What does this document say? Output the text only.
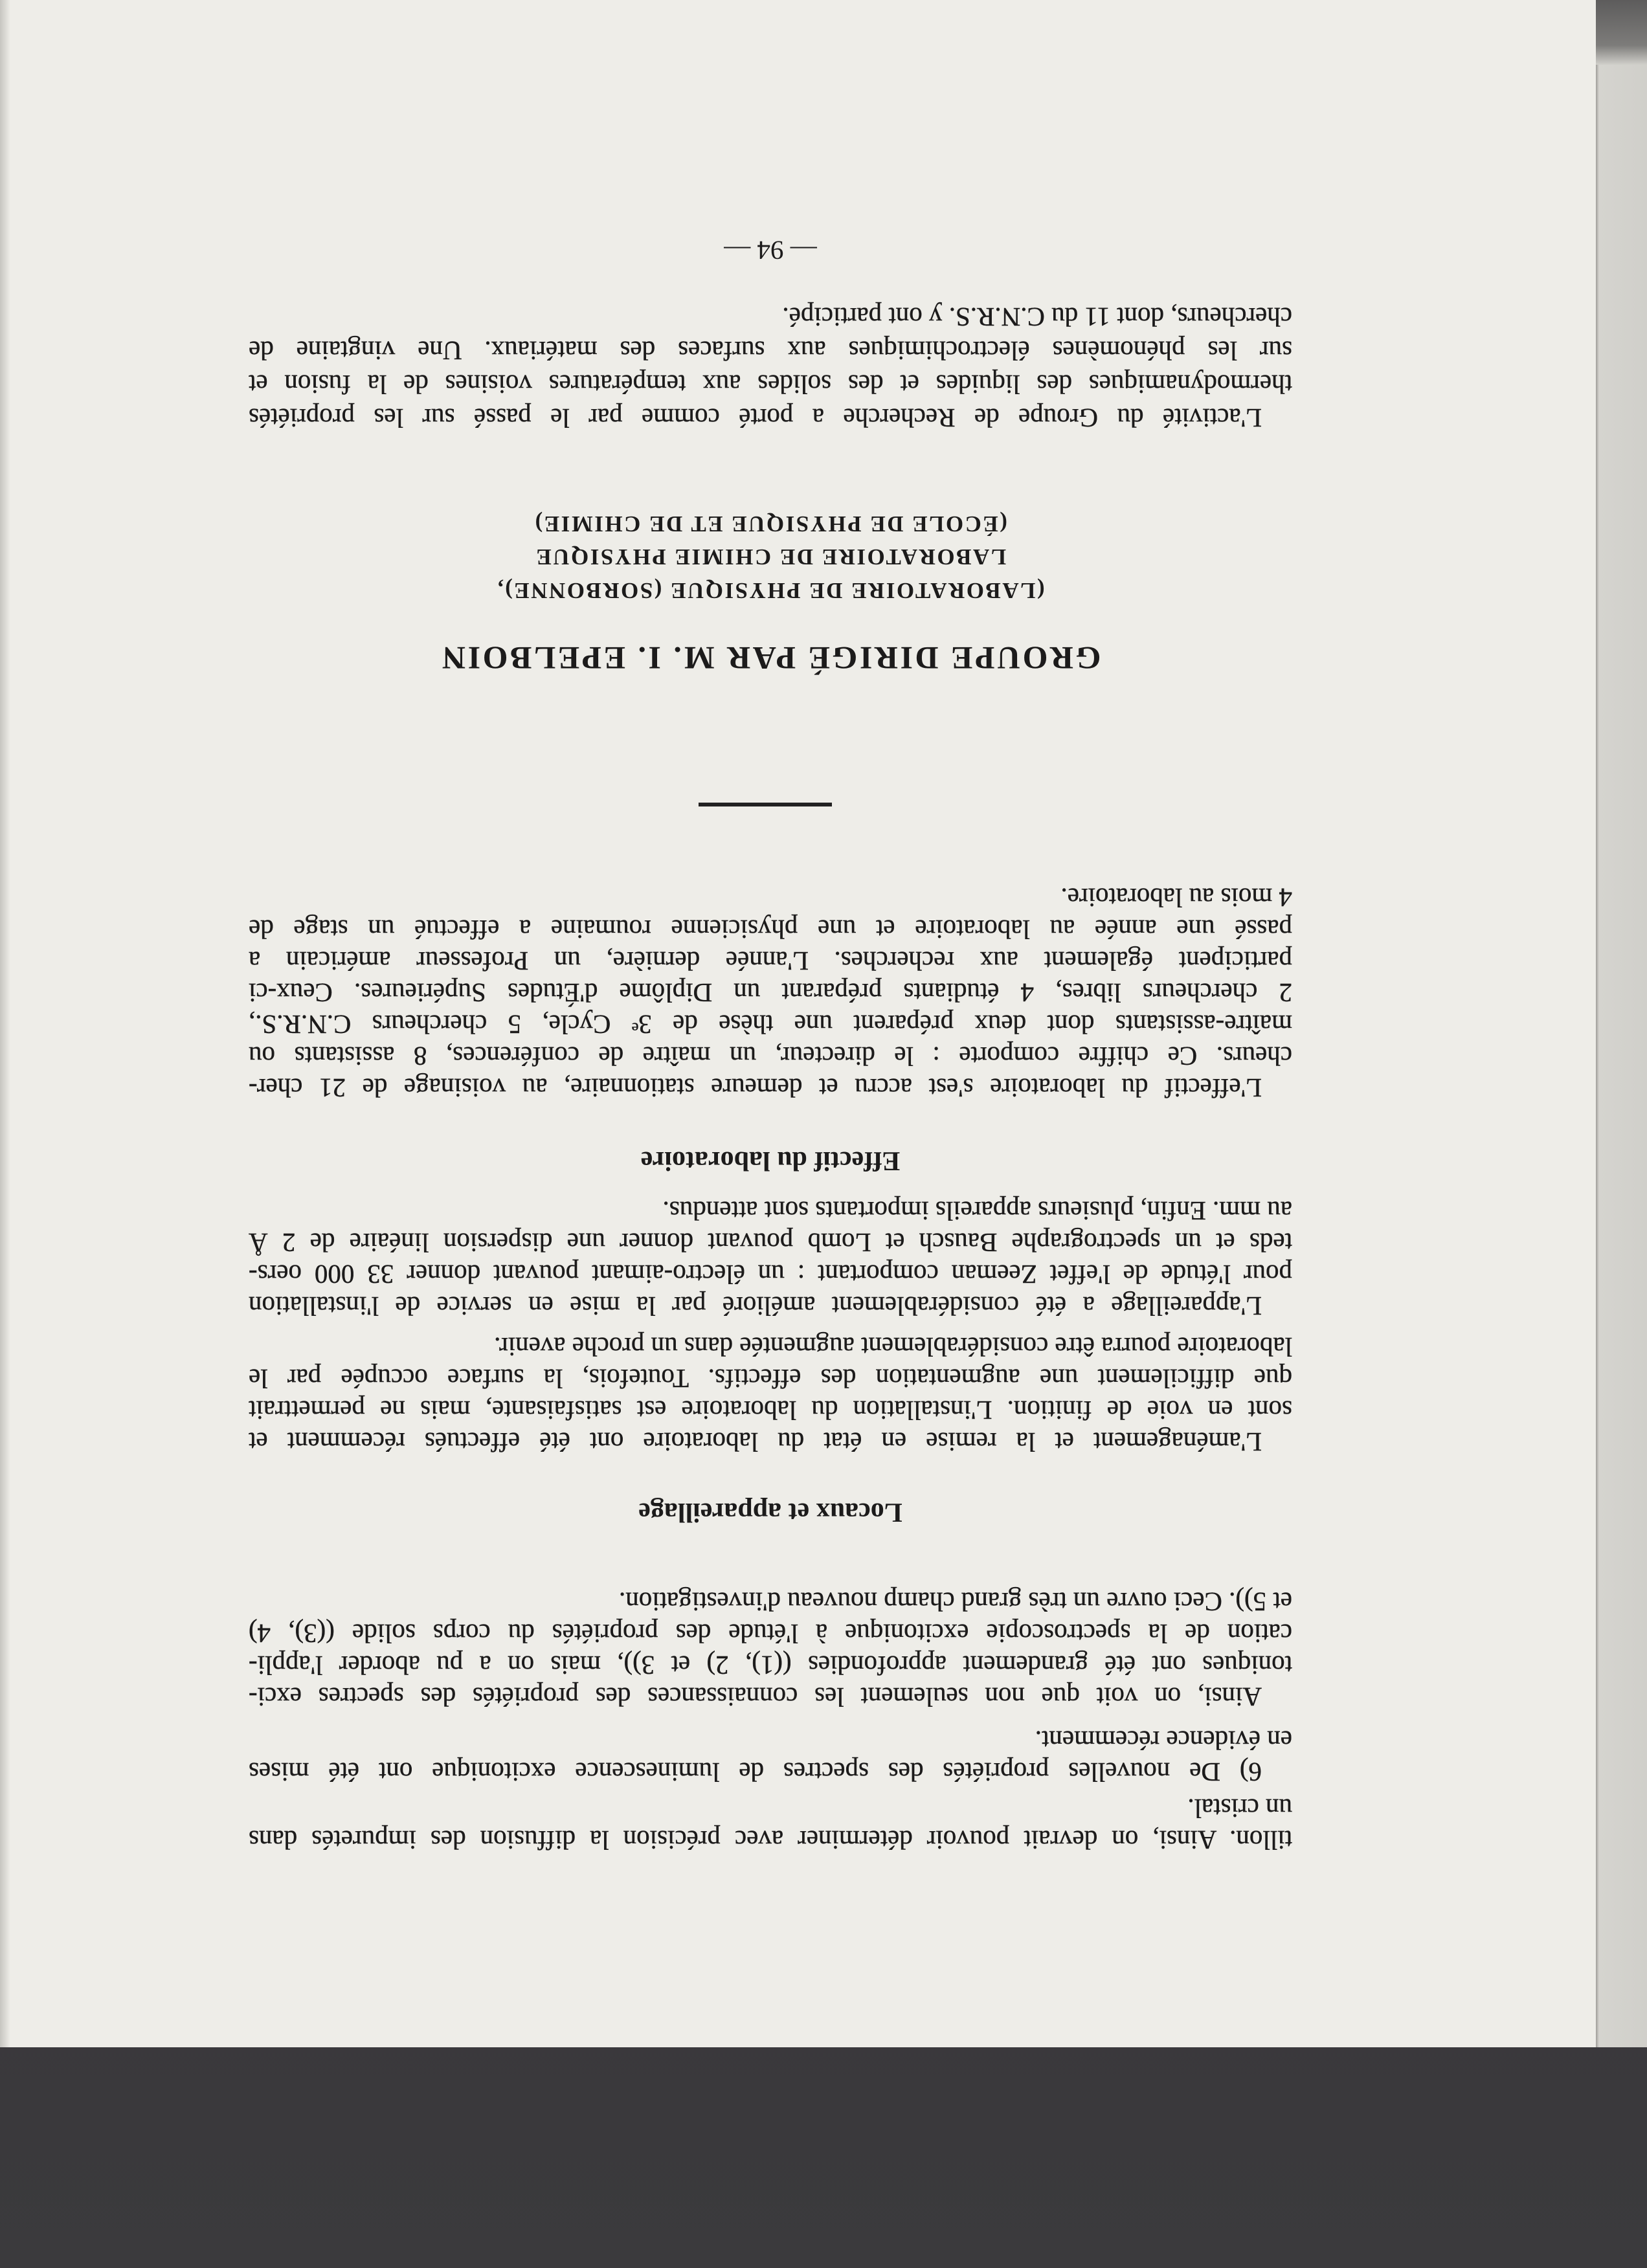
tillon. Ainsi, on devrait pouvoir déterminer avec précision la diffusion des impuretés dans
un cristal.
6) De nouvelles propriétés des spectres de luminescence excitonique ont été mises
en évidence récemment.
Ainsi, on voit que non seulement les connaissances des propriétés des spectres exci-
toniques ont été grandement approfondies ((1), 2) et 3)), mais on a pu aborder l'appli-
cation de la spectroscopie excitonique à l'étude des propriétés du corps solide ((3), 4)
et 5)). Ceci ouvre un très grand champ nouveau d'investigation.
Locaux et appareillage
L'aménagement et la remise en état du laboratoire ont été effectués récemment et
sont en voie de finition. L'installation du laboratoire est satisfaisante, mais ne permettrait
que difficilement une augmentation des effectifs. Toutefois, la surface occupée par le
laboratoire pourra être considérablement augmentée dans un proche avenir.
L'appareillage a été considérablement amélioré par la mise en service de l'installation
pour l'étude de l'effet Zeeman comportant : un électro-aimant pouvant donner 33 000 oers-
teds et un spectrographe Bausch et Lomb pouvant donner une dispersion linéaire de 2 Å
au mm. Enfin, plusieurs appareils importants sont attendus.
Effectif du laboratoire
L'effectif du laboratoire s'est accru et demeure stationnaire, au voisinage de 21 cher-
cheurs. Ce chiffre comporte : le directeur, un maître de conférences, 8 assistants ou
maître-assistants dont deux préparent une thèse de 3ᵉ Cycle, 5 chercheurs C.N.R.S.,
2 chercheurs libres, 4 étudiants préparant un Diplôme d'Études Supérieures. Ceux-ci
participent également aux recherches. L'année dernière, un Professeur américain a
passé une année au laboratoire et une physicienne roumaine a effectué un stage de
4 mois au laboratoire.
GROUPE DIRIGÉ PAR M. I. EPELBOIN
(LABORATOIRE DE PHYSIQUE (SORBONNE),
LABORATOIRE DE CHIMIE PHYSIQUE
(ÉCOLE DE PHYSIQUE ET DE CHIMIE)
L'activité du Groupe de Recherche a porté comme par le passé sur les propriétés
thermodynamiques des liquides et des solides aux températures voisines de la fusion et
sur les phénomènes électrochimiques aux surfaces des matériaux. Une vingtaine de
chercheurs, dont 11 du C.N.R.S. y ont participé.
— 94 —
